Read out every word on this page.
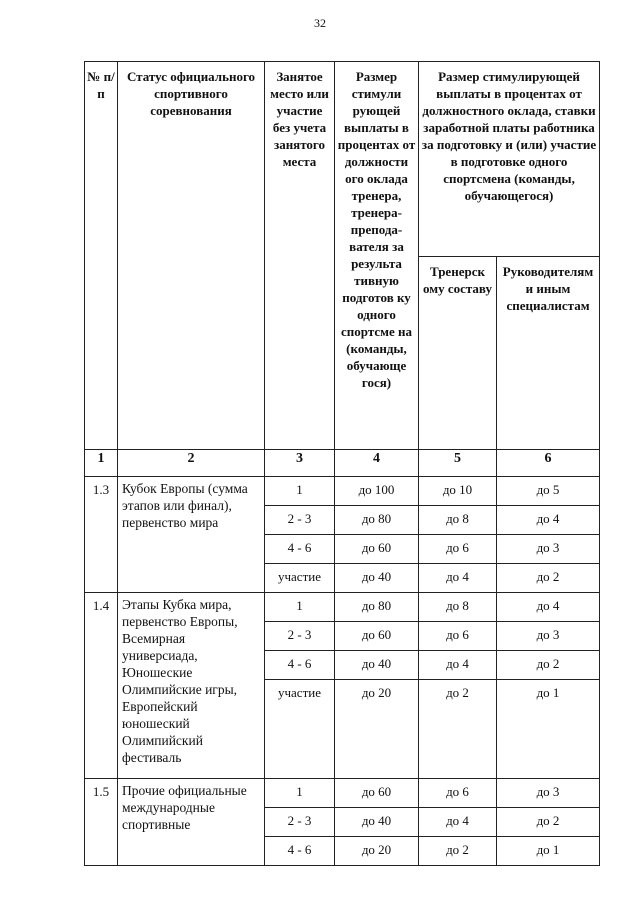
32
№ п/п	Статус официального спортивного соревнования	Занятое место или участие без учета занятого места	Размер стимули рующей выплаты в процентах от должности ого оклада тренера, тренера-преподавателя за результа тивную подготов ку одного спортсме на (команды, обучающе гося)	Размер стимулирующей выплаты в процентах от должностного оклада, ставки заработной платы работника за подготовку и (или) участие в подготовке одного спортсмена (команды, обучающегося)	
				Тренерск ому составу	Руководителям и иным специалистам
1	2	3	4	5	6
1.3	Кубок Европы (сумма этапов или финал), первенство мира	1	до 100	до 10	до 5
		2 - 3	до 80	до 8	до 4
		4 - 6	до 60	до 6	до 3
		участие	до 40	до 4	до 2
1.4	Этапы Кубка мира, первенство Европы, Всемирная универсиада, Юношеские Олимпийские игры, Европейский юношеский Олимпийский фестиваль	1	до 80	до 8	до 4
		2 - 3	до 60	до 6	до 3
		4 - 6	до 40	до 4	до 2
		участие	до 20	до 2	до 1
1.5	Прочие официальные международные спортивные	1	до 60	до 6	до 3
		2 - 3	до 40	до 4	до 2
		4 - 6	до 20	до 2	до 1
